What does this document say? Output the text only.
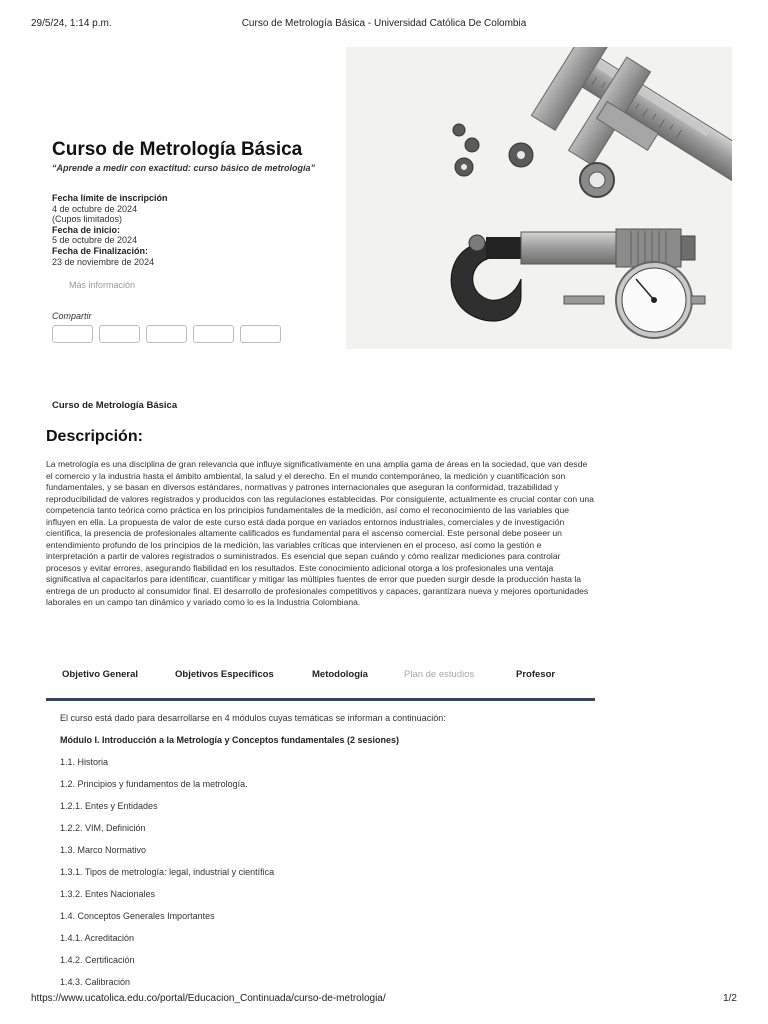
29/5/24, 1:14 p.m.	Curso de Metrología Básica - Universidad Católica De Colombia
Curso de Metrología Básica
“Aprende a medir con exactitud: curso básico de metrología”
Fecha límite de inscripción
4 de octubre de 2024
(Cupos limitados)
Fecha de inicio:
5 de octubre de 2024
Fecha de Finalización:
23 de noviembre de 2024
Más información
Compartir
Curso de Metrología Básica
Descripción:

La metrología es una disciplina de gran relevancia que influye significativamente en una amplia gama de áreas en la sociedad, que van desde el comercio y la industria hasta el ámbito ambiental, la salud y el derecho. En el mundo contemporáneo, la medición y cuantificación son fundamentales, y se basan en diversos estándares, normativas y patrones internacionales que aseguran la conformidad, trazabilidad y reproducibilidad de valores registrados y producidos con las regulaciones establecidas. Por consiguiente, actualmente es crucial contar con una competencia tanto teórica como práctica en los principios fundamentales de la medición, así como el reconocimiento de las variables que influyen en ella. La propuesta de valor de este curso está dada porque en variados entornos industriales, comerciales y de investigación científica, la presencia de profesionales altamente calificados es fundamental para el ascenso comercial. Este personal debe poseer un entendimiento profundo de los principios de la medición, las variables críticas que intervienen en el proceso, así como la gestión e interpretación a partir de valores registrados o suministrados. Es esencial que sepan cuándo y cómo realizar mediciones para controlar procesos y evitar errores, asegurando fiabilidad en los resultados. Este conocimiento adicional otorga a los profesionales una ventaja significativa al capacitarlos para identificar, cuantificar y mitigar las múltiples fuentes de error que pueden surgir desde la producción hasta la entrega de un producto al consumidor final. El desarrollo de profesionales competitivos y capaces, garantizara nueva y mejores oportunidades laborales en un campo tan dinámico y variado como lo es la Industria Colombiana.

Objetivo General	Objetivos Específicos	Metodología	Plan de estudios	Profesor

El curso está dado para desarrollarse en 4 módulos cuyas temáticas se informan a continuación:

Módulo I. Introducción a la Metrología y Conceptos fundamentales (2 sesiones)

1.1. Historia
1.2. Principios y fundamentos de la metrología.
1.2.1. Entes y Entidades
1.2.2. VIM, Definición
1.3. Marco Normativo
1.3.1. Tipos de metrología: legal, industrial y científica
1.3.2. Entes Nacionales
1.4. Conceptos Generales Importantes
1.4.1. Acreditación
1.4.2. Certificación
1.4.3. Calibración
https://www.ucatolica.edu.co/portal/Educacion_Continuada/curso-de-metrologia/	1/2
